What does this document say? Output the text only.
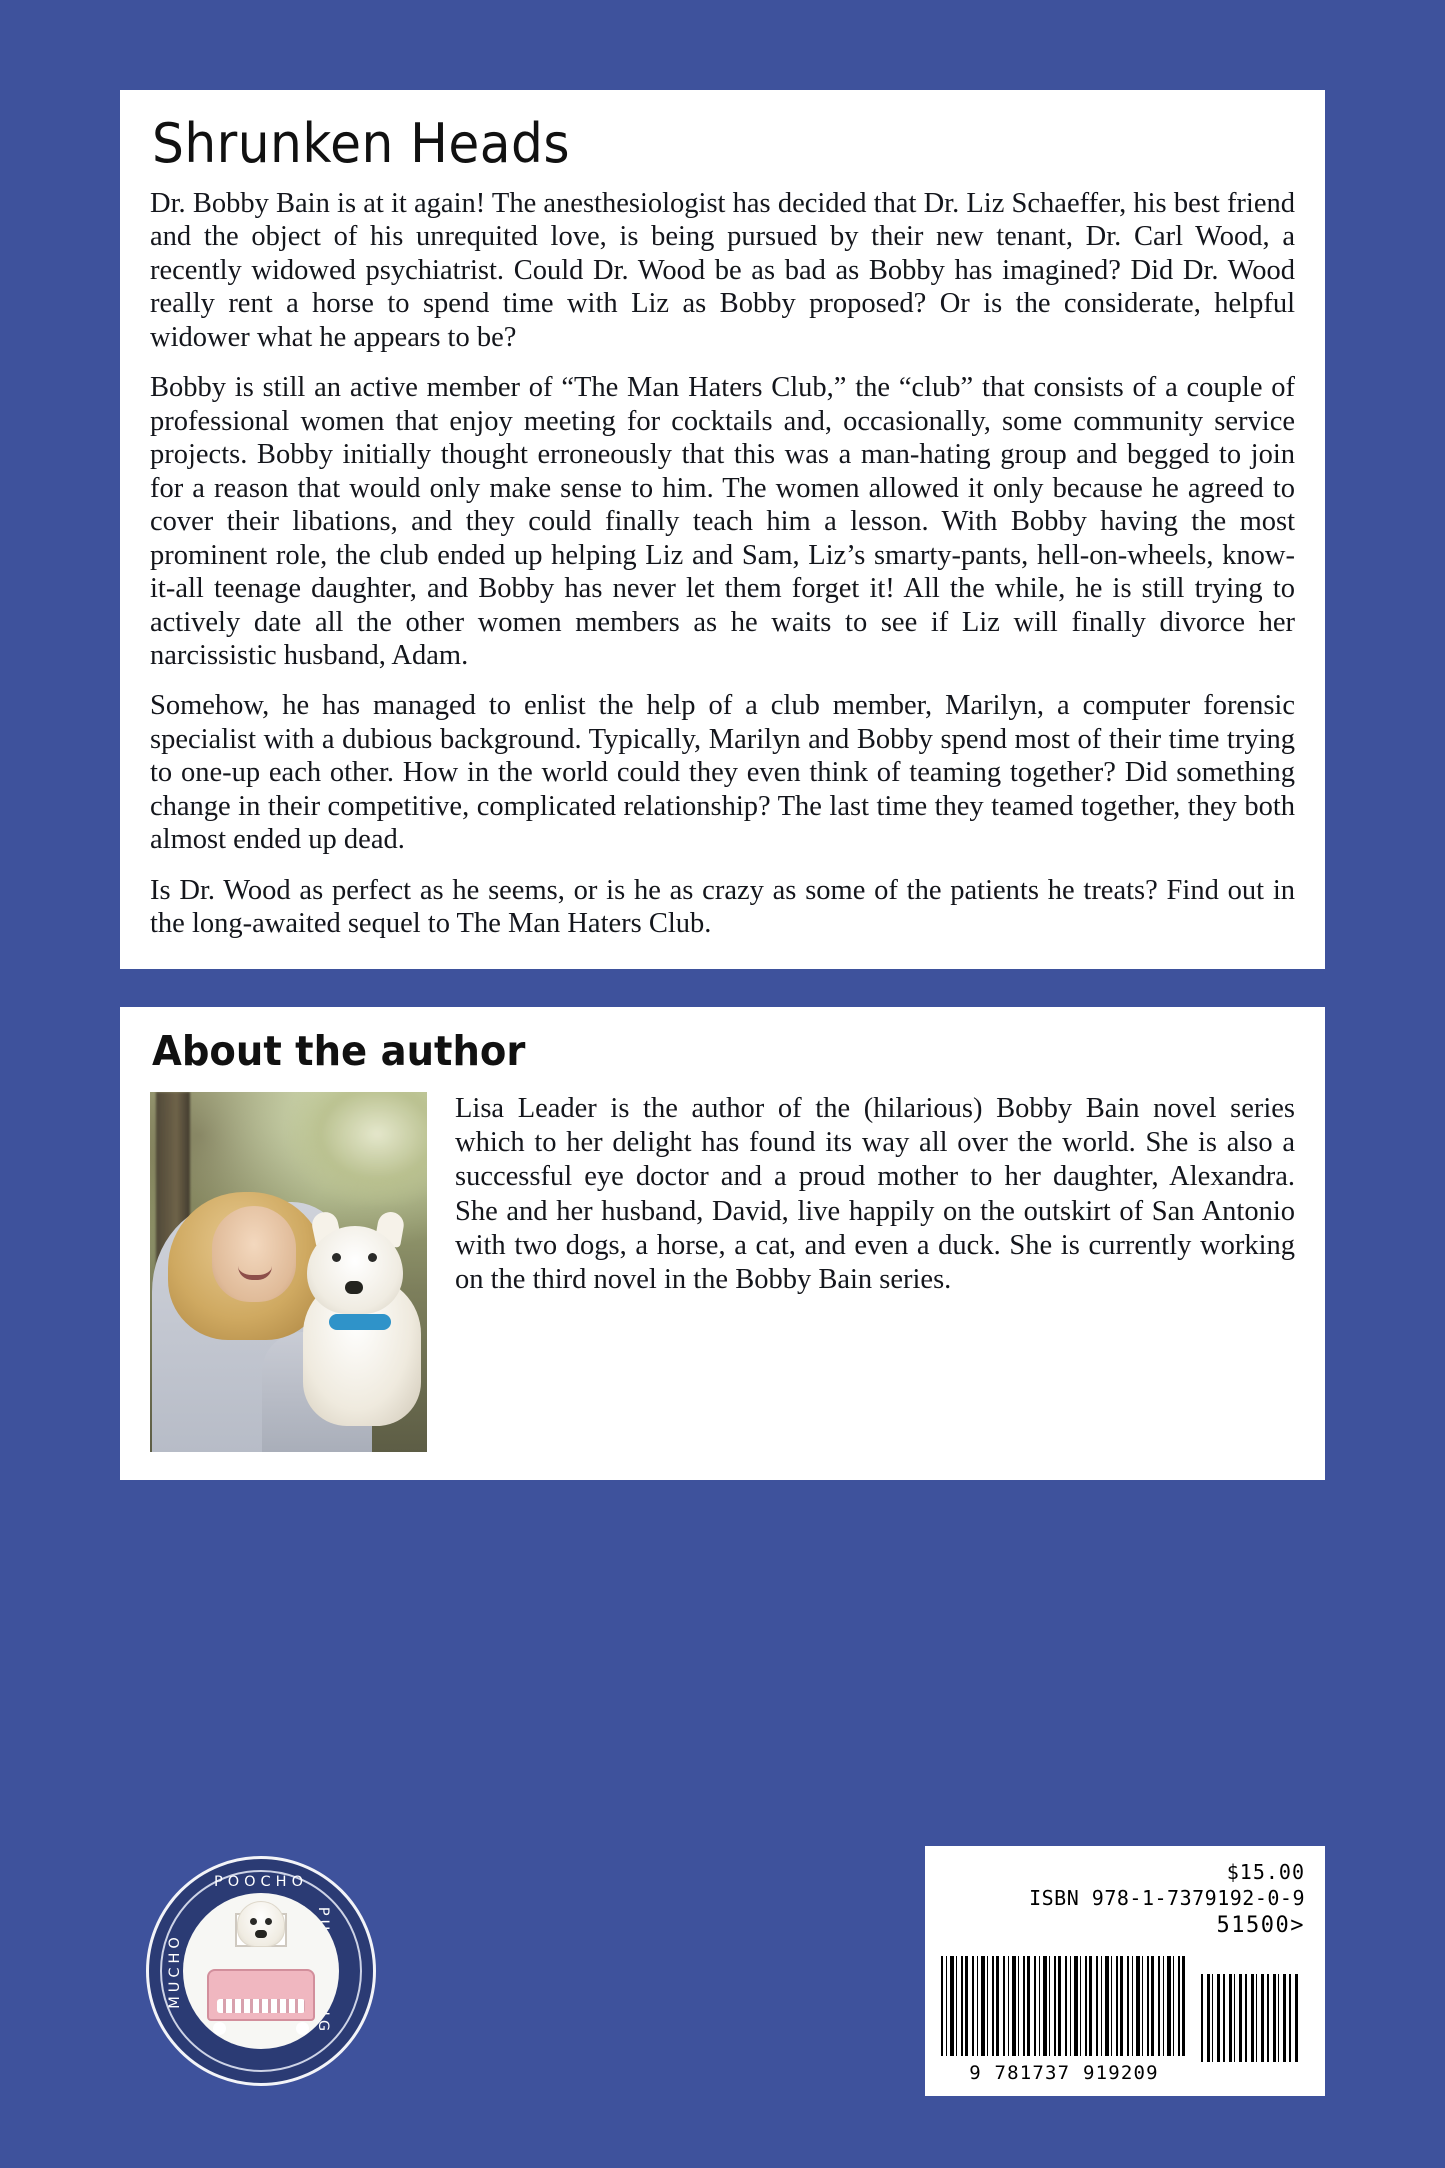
Shrunken Heads

Dr. Bobby Bain is at it again! The anesthesiologist has decided that Dr. Liz Schaeffer, his best friend and the object of his unrequited love, is being pursued by their new tenant, Dr. Carl Wood, a recently widowed psychiatrist. Could Dr. Wood be as bad as Bobby has imagined? Did Dr. Wood really rent a horse to spend time with Liz as Bobby proposed? Or is the considerate, helpful widower what he appears to be?

Bobby is still an active member of “The Man Haters Club,” the “club” that consists of a couple of professional women that enjoy meeting for cocktails and, occasionally, some community service projects. Bobby initially thought erroneously that this was a man-hating group and begged to join for a reason that would only make sense to him. The women allowed it only because he agreed to cover their libations, and they could finally teach him a lesson. With Bobby having the most prominent role, the club ended up helping Liz and Sam, Liz’s smarty-pants, hell-on-wheels, know-it-all teenage daughter, and Bobby has never let them forget it! All the while, he is still trying to actively date all the other women members as he waits to see if Liz will finally divorce her narcissistic husband, Adam.

Somehow, he has managed to enlist the help of a club member, Marilyn, a computer forensic specialist with a dubious background. Typically, Marilyn and Bobby spend most of their time trying to one-up each other. How in the world could they even think of teaming together? Did something change in their competitive, complicated relationship? The last time they teamed together, they both almost ended up dead.

Is Dr. Wood as perfect as he seems, or is he as crazy as some of the patients he treats? Find out in the long-awaited sequel to The Man Haters Club.

About the author

Lisa Leader is the author of the (hilarious) Bobby Bain novel series which to her delight has found its way all over the world. She is also a successful eye doctor and a proud mother to her daughter, Alexandra. She and her husband, David, live happily on the outskirt of San Antonio with two dogs, a horse, a cat, and even a duck. She is currently working on the third novel in the Bobby Bain series.

POOCHO
MUCHO
$15.00
ISBN 978-1-7379192-0-9
51500>
9 781737 919209
